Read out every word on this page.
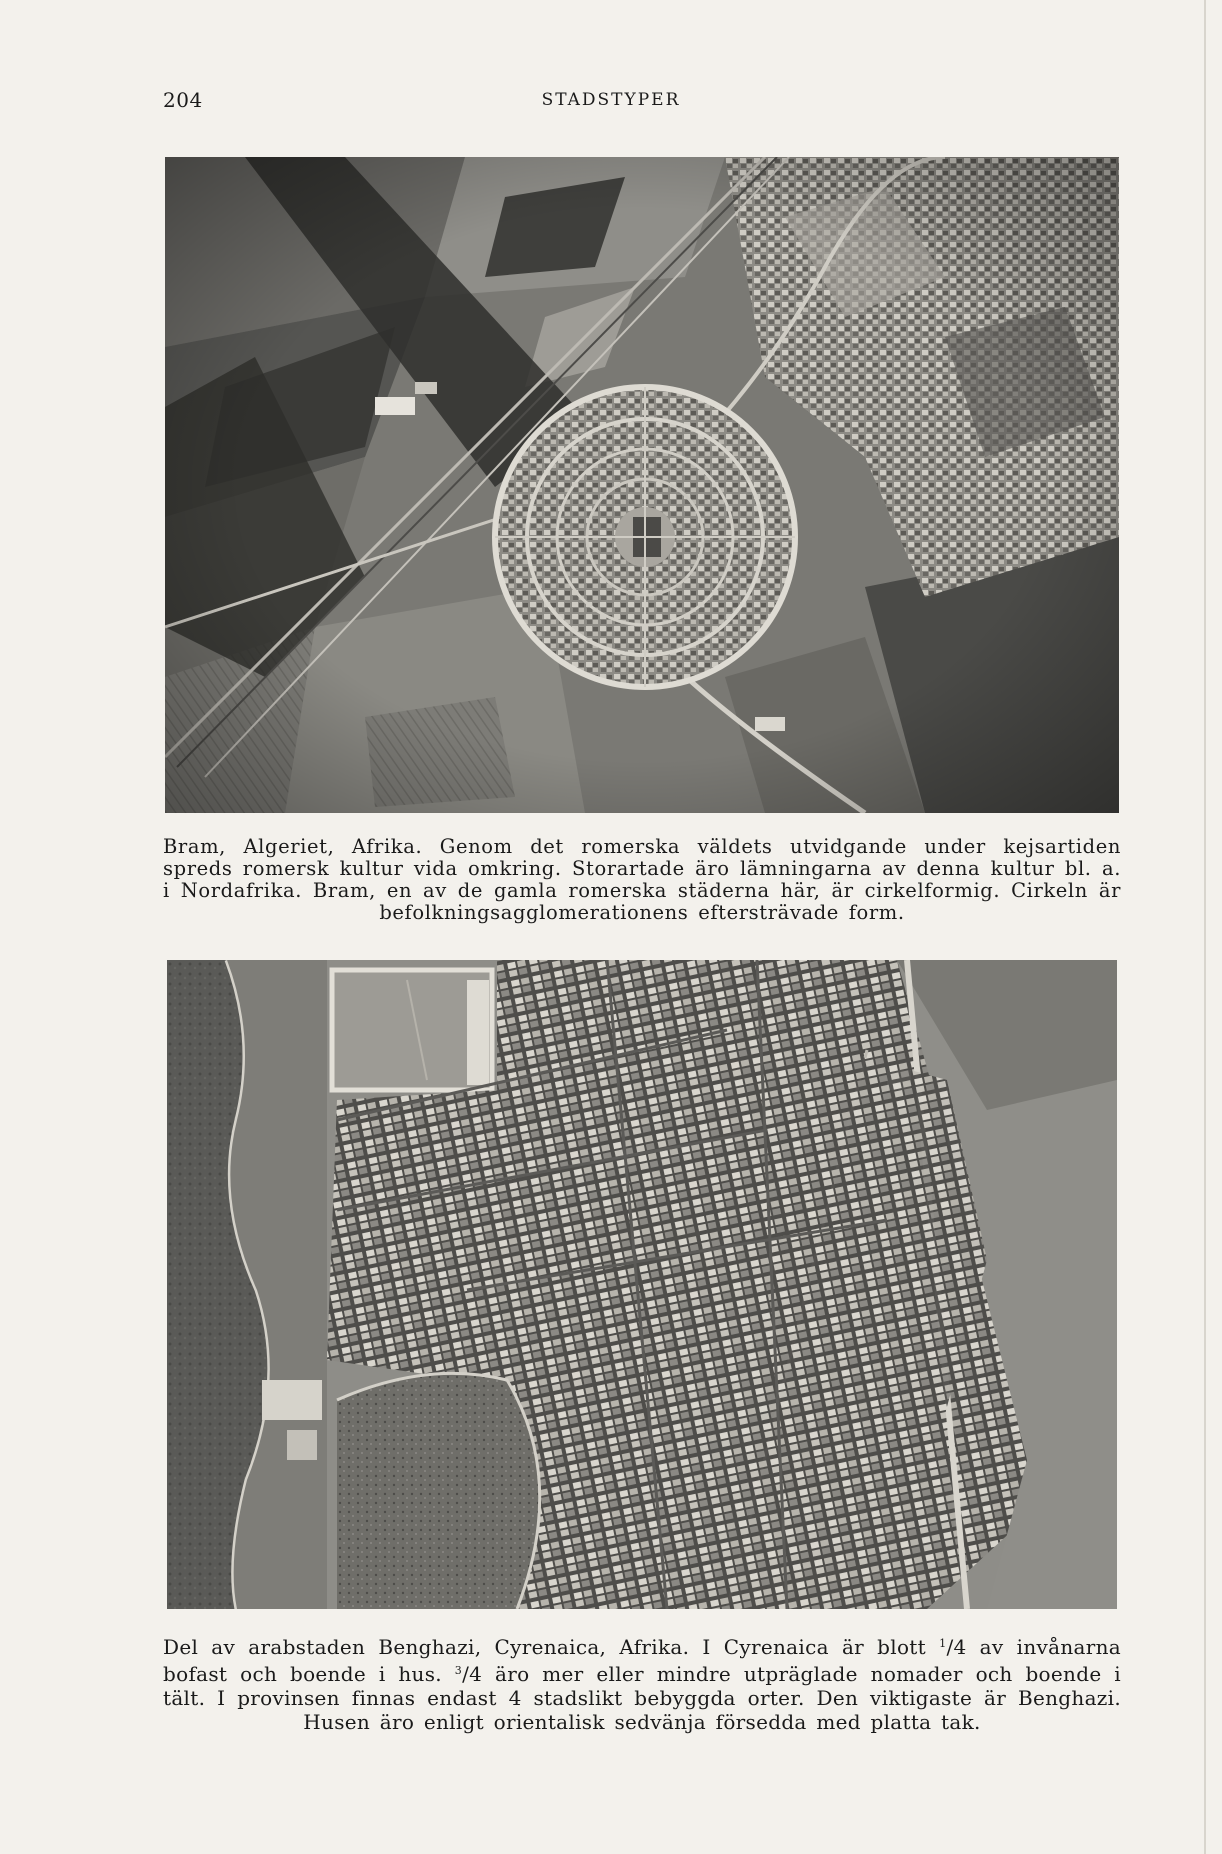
204	STADSTYPER
Bram, Algeriet, Afrika. Genom det romerska väldets utvidgande under kejsartiden spreds romersk kultur vida omkring. Storartade äro lämningarna av denna kultur bl. a. i Nordafrika. Bram, en av de gamla romerska städerna här, är cirkelformig. Cirkeln är befolkningsagglomerationens eftersträvade form.
Del av arabstaden Benghazi, Cyrenaica, Afrika. I Cyrenaica är blott $^1$/4 av invånarna bofast och boende i hus. $^3$/4 äro mer eller mindre utpräglade nomader och boende i tält. I provinsen finnas endast 4 stadslikt bebyggda orter. Den viktigaste är Benghazi. Husen äro enligt orientalisk sedvänja försedda med platta tak.
